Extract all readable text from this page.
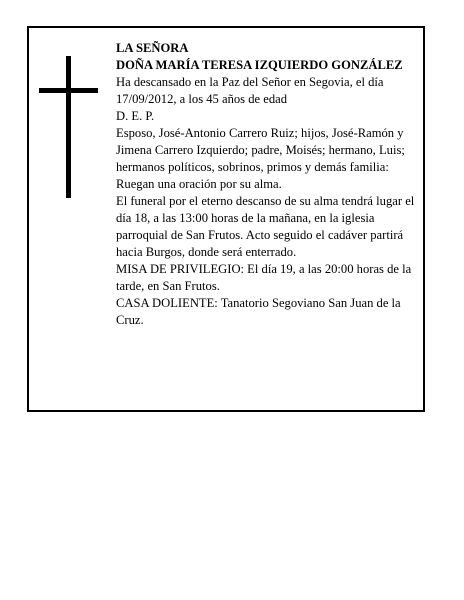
LA SEÑORA

DOÑA MARÍA TERESA IZQUIERDO GONZÁLEZ

Ha descansado en la Paz del Señor en Segovia, el día 17/09/2012, a los 45 años de edad

D. E. P.

Esposo, José-Antonio Carrero Ruiz; hijos, José-Ramón y Jimena Carrero Izquierdo; padre, Moisés; hermano, Luis; hermanos políticos, sobrinos, primos y demás familia:

Ruegan una oración por su alma.

El funeral por el eterno descanso de su alma tendrá lugar el día 18, a las 13:00 horas de la mañana, en la iglesia parroquial de San Frutos. Acto seguido el cadáver partirá hacia Burgos, donde será enterrado.

MISA DE PRIVILEGIO: El día 19, a las 20:00 horas de la tarde, en San Frutos.

CASA DOLIENTE: Tanatorio Segoviano San Juan de la Cruz.
